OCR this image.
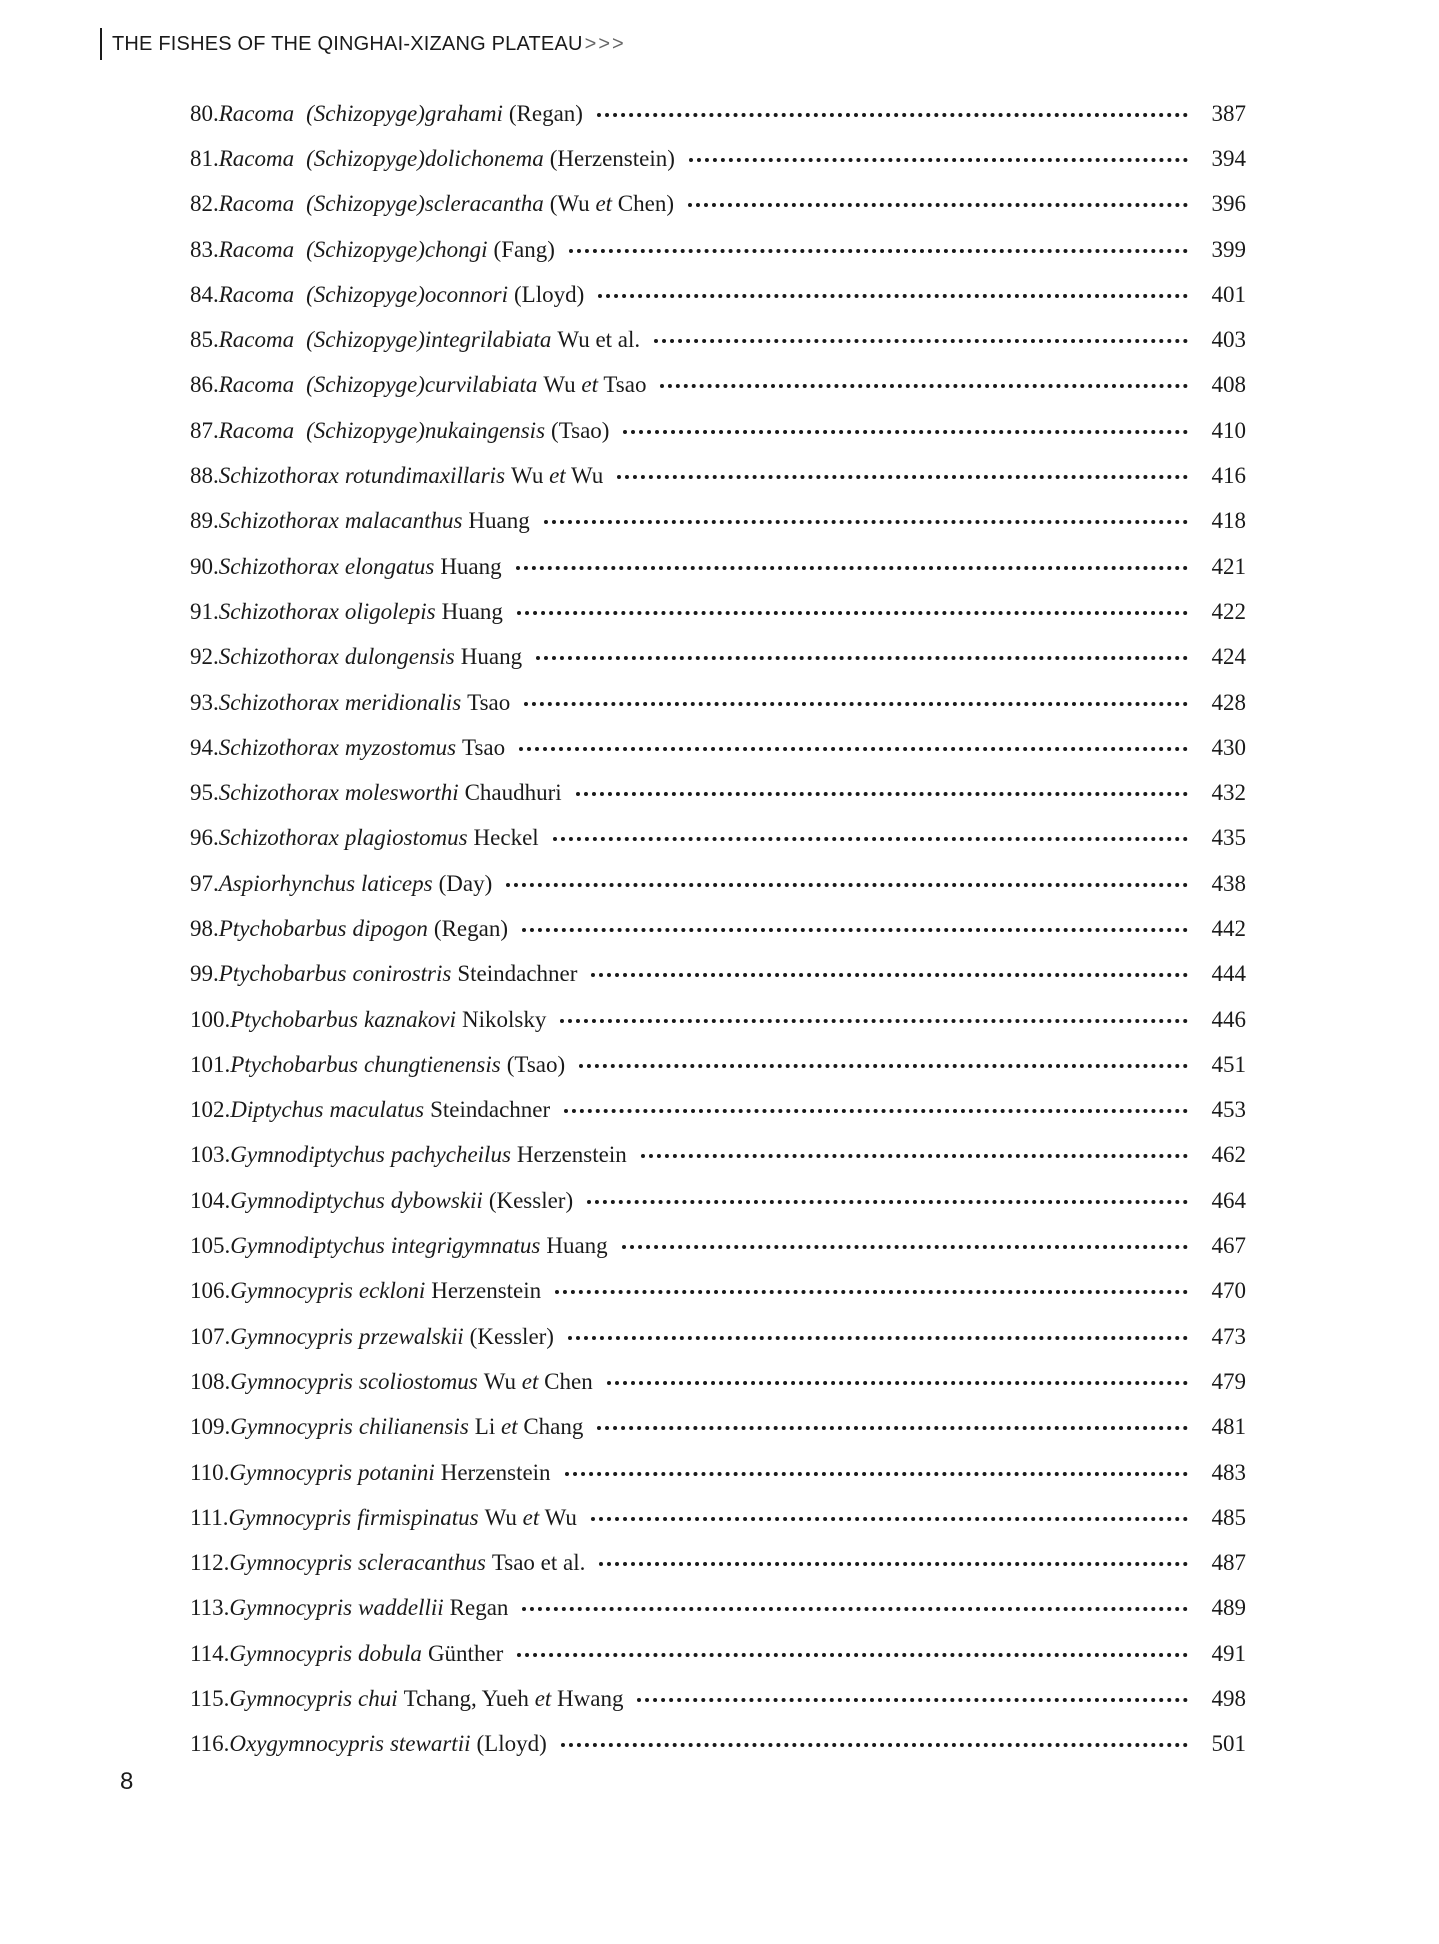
THE FISHES OF THE QINGHAI-XIZANG PLATEAU >>>
80. Racoma (Schizopyge) grahami (Regan)	387
81. Racoma (Schizopyge) dolichonema (Herzenstein)	394
82. Racoma (Schizopyge) scleracantha (Wu et Chen)	396
83. Racoma (Schizopyge) chongi (Fang)	399
84. Racoma (Schizopyge) oconnori (Lloyd)	401
85. Racoma (Schizopyge) integrilabiata Wu et al.	403
86. Racoma (Schizopyge) curvilabiata Wu et Tsao	408
87. Racoma (Schizopyge) nukaingensis (Tsao)	410
88. Schizothorax rotundimaxillaris Wu et Wu	416
89. Schizothorax malacanthus Huang	418
90. Schizothorax elongatus Huang	421
91. Schizothorax oligolepis Huang	422
92. Schizothorax dulongensis Huang	424
93. Schizothorax meridionalis Tsao	428
94. Schizothorax myzostomus Tsao	430
95. Schizothorax molesworthi Chaudhuri	432
96. Schizothorax plagiostomus Heckel	435
97. Aspiorhynchus laticeps (Day)	438
98. Ptychobarbus dipogon (Regan)	442
99. Ptychobarbus conirostris Steindachner	444
100. Ptychobarbus kaznakovi Nikolsky	446
101. Ptychobarbus chungtienensis (Tsao)	451
102. Diptychus maculatus Steindachner	453
103. Gymnodiptychus pachycheilus Herzenstein	462
104. Gymnodiptychus dybowskii (Kessler)	464
105. Gymnodiptychus integrigymnatus Huang	467
106. Gymnocypris eckloni Herzenstein	470
107. Gymnocypris przewalskii (Kessler)	473
108. Gymnocypris scoliostomus Wu et Chen	479
109. Gymnocypris chilianensis Li et Chang	481
110. Gymnocypris potanini Herzenstein	483
111. Gymnocypris firmispinatus Wu et Wu	485
112. Gymnocypris scleracanthus Tsao et al.	487
113. Gymnocypris waddellii Regan	489
114. Gymnocypris dobula Günther	491
115. Gymnocypris chui Tchang, Yueh et Hwang	498
116. Oxygymnocypris stewartii (Lloyd)	501
8
